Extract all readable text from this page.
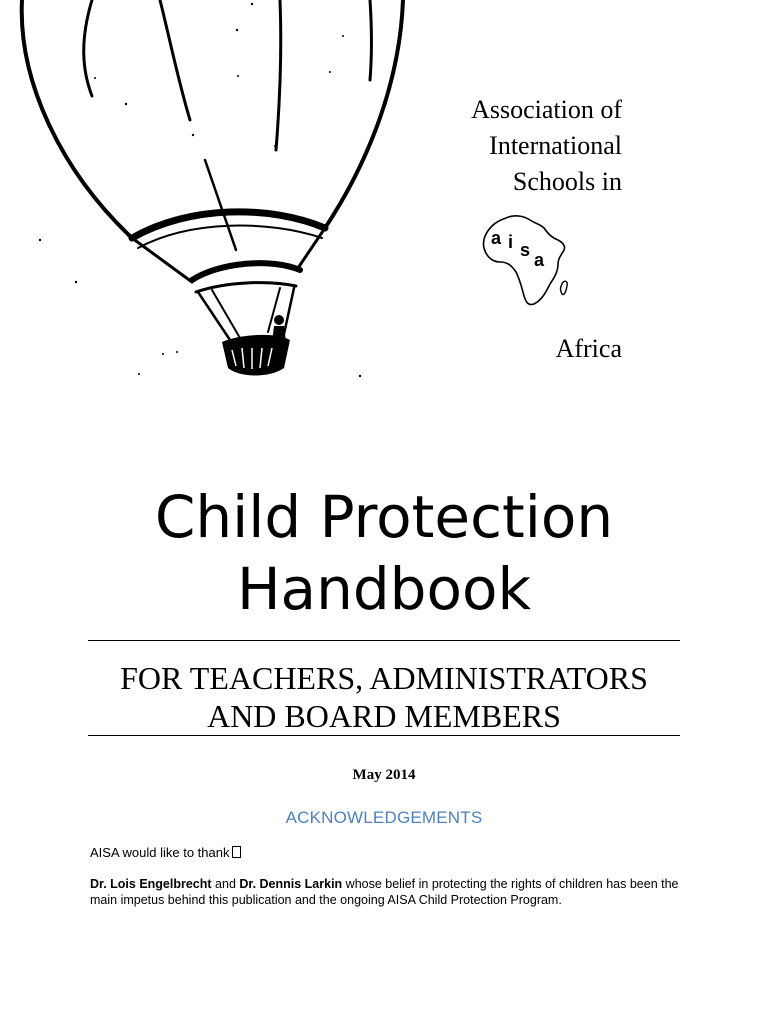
Association of
International
Schools in
a i s a
Africa
Child Protection
Handbook
FOR TEACHERS, ADMINISTRATORS
AND BOARD MEMBERS
May 2014
ACKNOWLEDGEMENTS
AISA would like to thank
Dr. Lois Engelbrecht and Dr. Dennis Larkin whose belief in protecting the rights of children has been the main impetus behind this publication and the ongoing AISA Child Protection Program.
